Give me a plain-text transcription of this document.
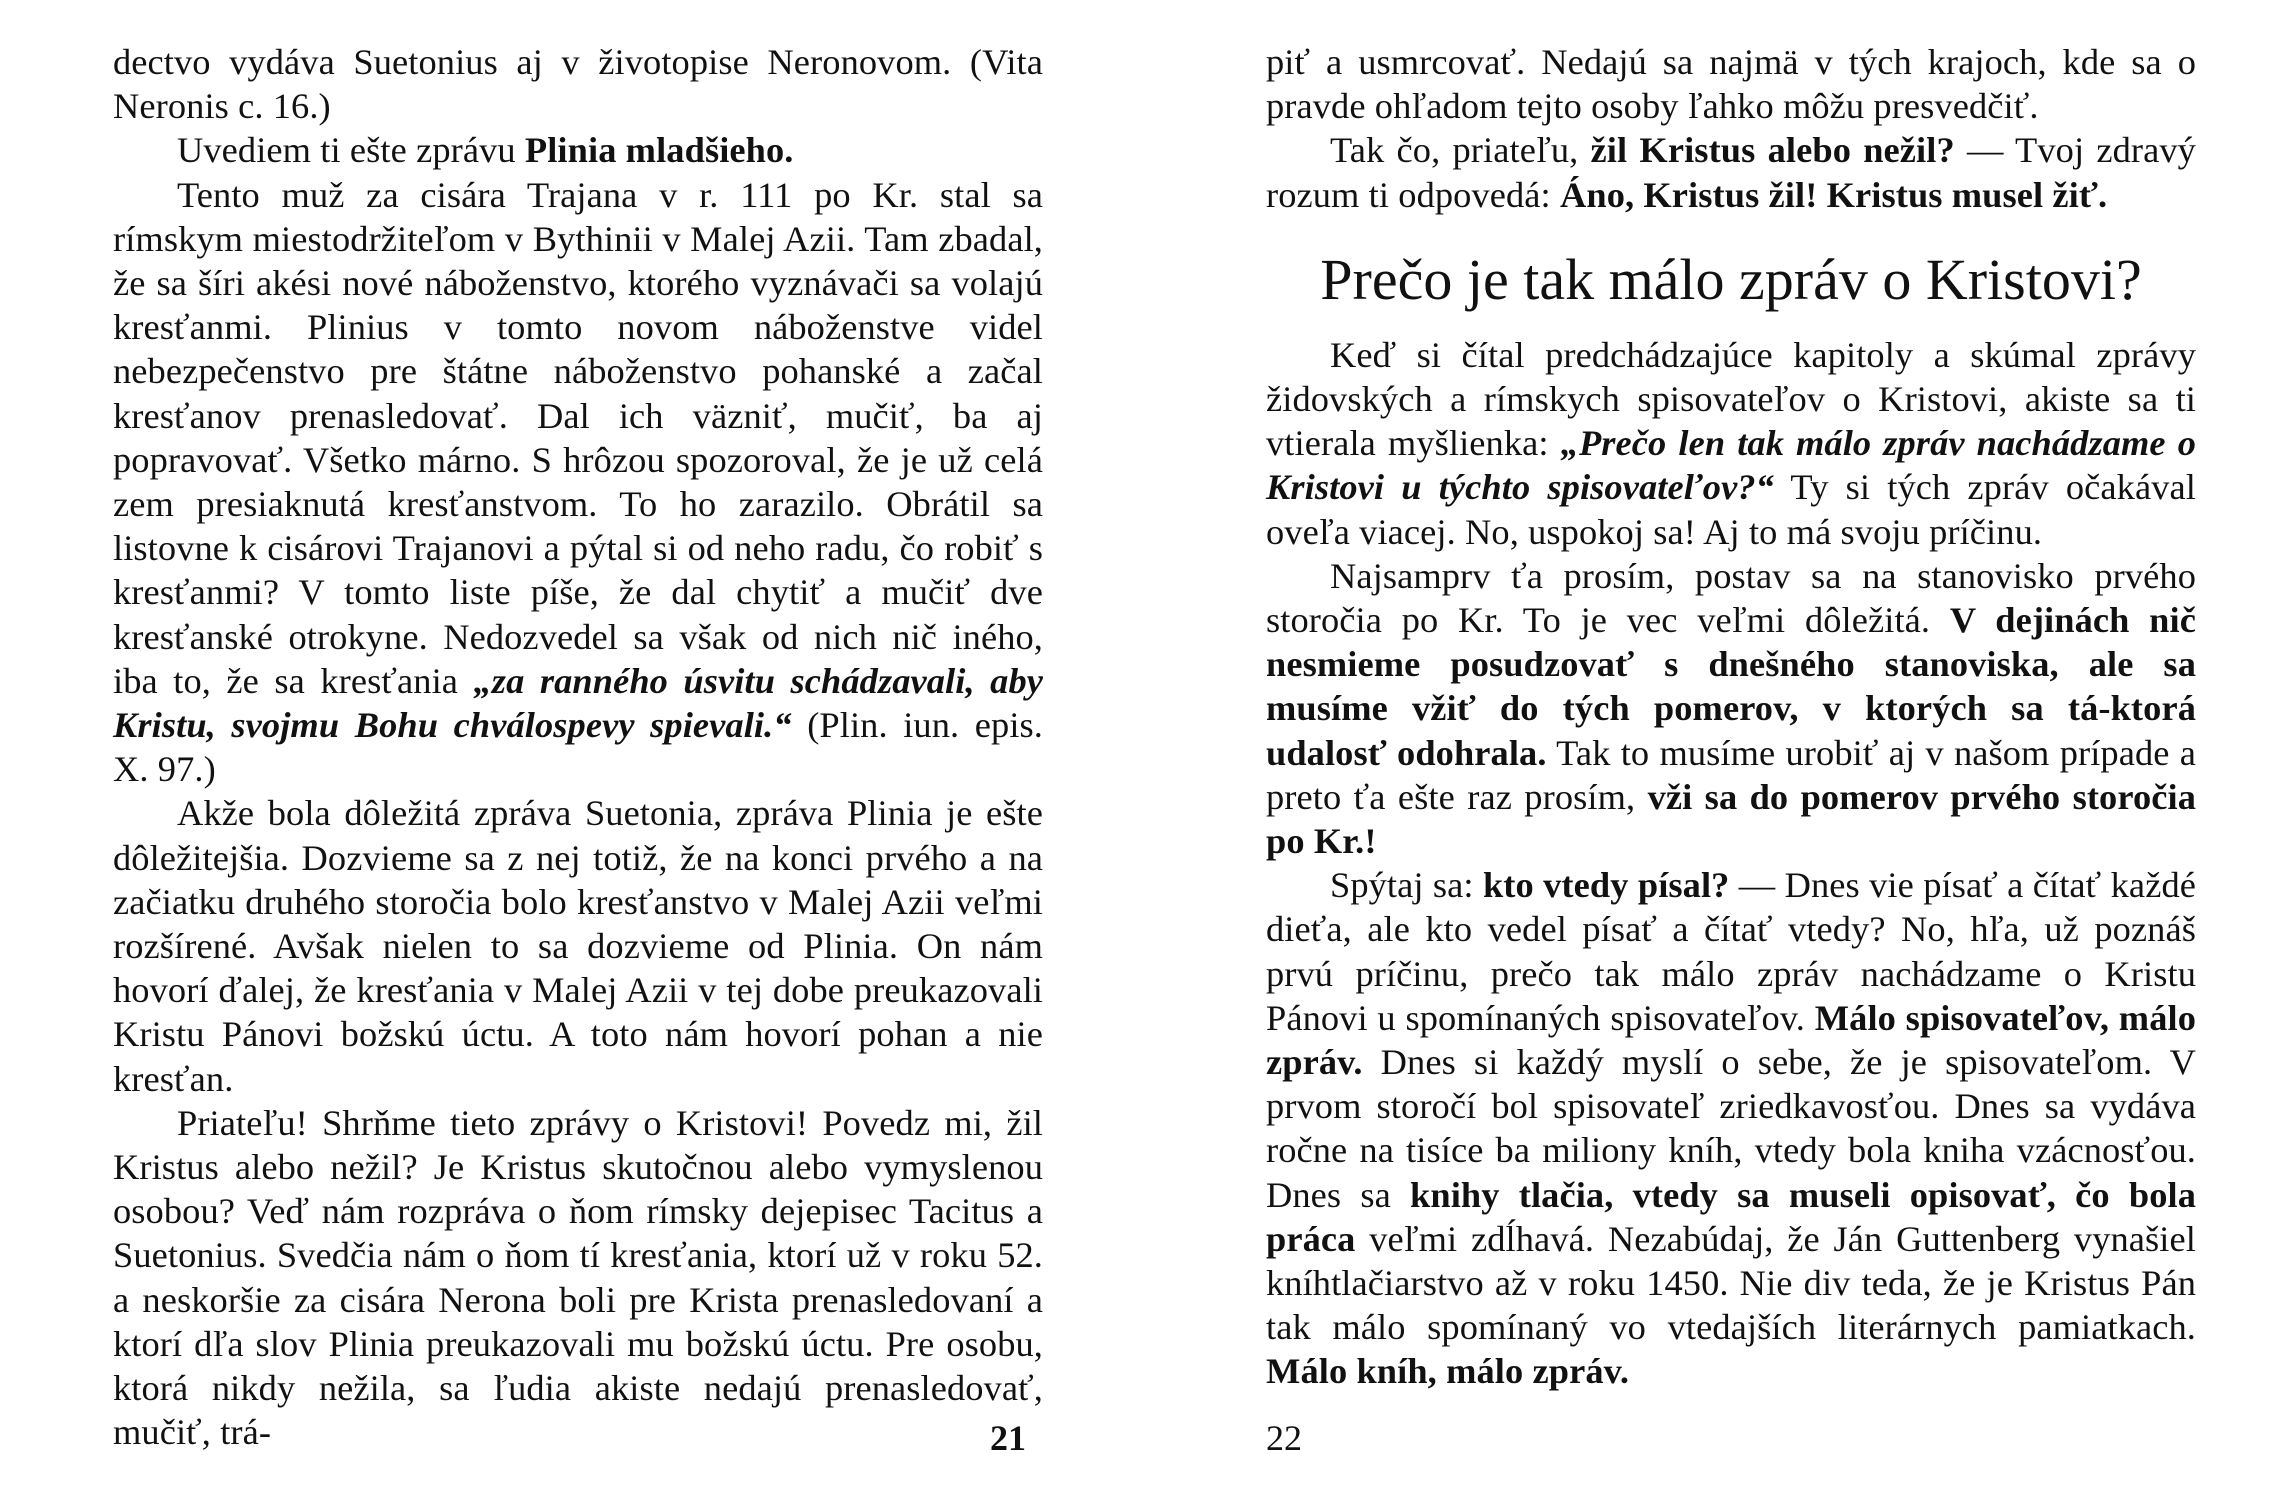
dectvo vydáva Suetonius aj v životopise Neronovom. (Vita Neronis c. 16.)

Uvediem ti ešte zprávu Plinia mladšieho.

Tento muž za cisára Trajana v r. 111 po Kr. stal sa rímskym miestodržiteľom v Bythinii v Malej Azii. Tam zbadal, že sa šíri akési nové náboženstvo, ktorého vyznávači sa volajú kresťanmi. Plinius v tomto novom náboženstve videl nebezpečenstvo pre štátne náboženstvo pohanské a začal kresťanov prenasledovať. Dal ich väzniť, mučiť, ba aj popravovať. Všetko márno. S hrôzou spozoroval, že je už celá zem presiaknutá kresťanstvom. To ho zarazilo. Obrátil sa listovne k cisárovi Trajanovi a pýtal si od neho radu, čo robiť s kresťanmi? V tomto liste píše, že dal chytiť a mučiť dve kresťanské otrokyne. Nedozvedel sa však od nich nič iného, iba to, že sa kresťania „za ranného úsvitu schádzavali, aby Kristu, svojmu Bohu chválospevy spievali.“ (Plin. iun. epis. X. 97.)

Akže bola dôležitá zpráva Suetonia, zpráva Plinia je ešte dôležitejšia. Dozvieme sa z nej totiž, že na konci prvého a na začiatku druhého storočia bolo kresťanstvo v Malej Azii veľmi rozšírené. Avšak nielen to sa dozvieme od Plinia. On nám hovorí ďalej, že kresťania v Malej Azii v tej dobe preukazovali Kristu Pánovi božskú úctu. A toto nám hovorí pohan a nie kresťan.

Priateľu! Shrňme tieto zprávy o Kristovi! Povedz mi, žil Kristus alebo nežil? Je Kristus skutočnou alebo vymyslenou osobou? Veď nám rozpráva o ňom rímsky dejepisec Tacitus a Suetonius. Svedčia nám o ňom tí kresťania, ktorí už v roku 52. a neskoršie za cisára Nerona boli pre Krista prenasledovaní a ktorí dľa slov Plinia preukazovali mu božskú úctu. Pre osobu, ktorá nikdy nežila, sa ľudia akiste nedajú prenasledovať, mučiť, trá-	21

piť a usmrcovať. Nedajú sa najmä v tých krajoch, kde sa o pravde ohľadom tejto osoby ľahko môžu presvedčiť.

Tak čo, priateľu, žil Kristus alebo nežil? — Tvoj zdravý rozum ti odpovedá: Áno, Kristus žil! Kristus musel žiť.

Prečo je tak málo zpráv o Kristovi?

Keď si čítal predchádzajúce kapitoly a skúmal zprávy židovských a rímskych spisovateľov o Kristovi, akiste sa ti vtierala myšlienka: „Prečo len tak málo zpráv nachádzame o Kristovi u týchto spisovateľov?“ Ty si tých zpráv očakával oveľa viacej. No, uspokoj sa! Aj to má svoju príčinu.

Najsamprv ťa prosím, postav sa na stanovisko prvého storočia po Kr. To je vec veľmi dôležitá. V dejinách nič nesmieme posudzovať s dnešného stanoviska, ale sa musíme vžiť do tých pomerov, v ktorých sa tá-ktorá udalosť odohrala. Tak to musíme urobiť aj v našom prípade a preto ťa ešte raz prosím, vži sa do pomerov prvého storočia po Kr.!

Spýtaj sa: kto vtedy písal? — Dnes vie písať a čítať každé dieťa, ale kto vedel písať a čítať vtedy? No, hľa, už poznáš prvú príčinu, prečo tak málo zpráv nachádzame o Kristu Pánovi u spomínaných spisovateľov. Málo spisovateľov, málo zpráv. Dnes si každý myslí o sebe, že je spisovateľom. V prvom storočí bol spisovateľ zriedkavosťou. Dnes sa vydáva ročne na tisíce ba miliony kníh, vtedy bola kniha vzácnosťou. Dnes sa knihy tlačia, vtedy sa museli opisovať, čo bola práca veľmi zdĺhavá. Nezabúdaj, že Ján Guttenberg vynašiel kníhtlačiarstvo až v roku 1450. Nie div teda, že je Kristus Pán tak málo spomínaný vo vtedajších literárnych pamiatkach. Málo kníh, málo zpráv.

22
